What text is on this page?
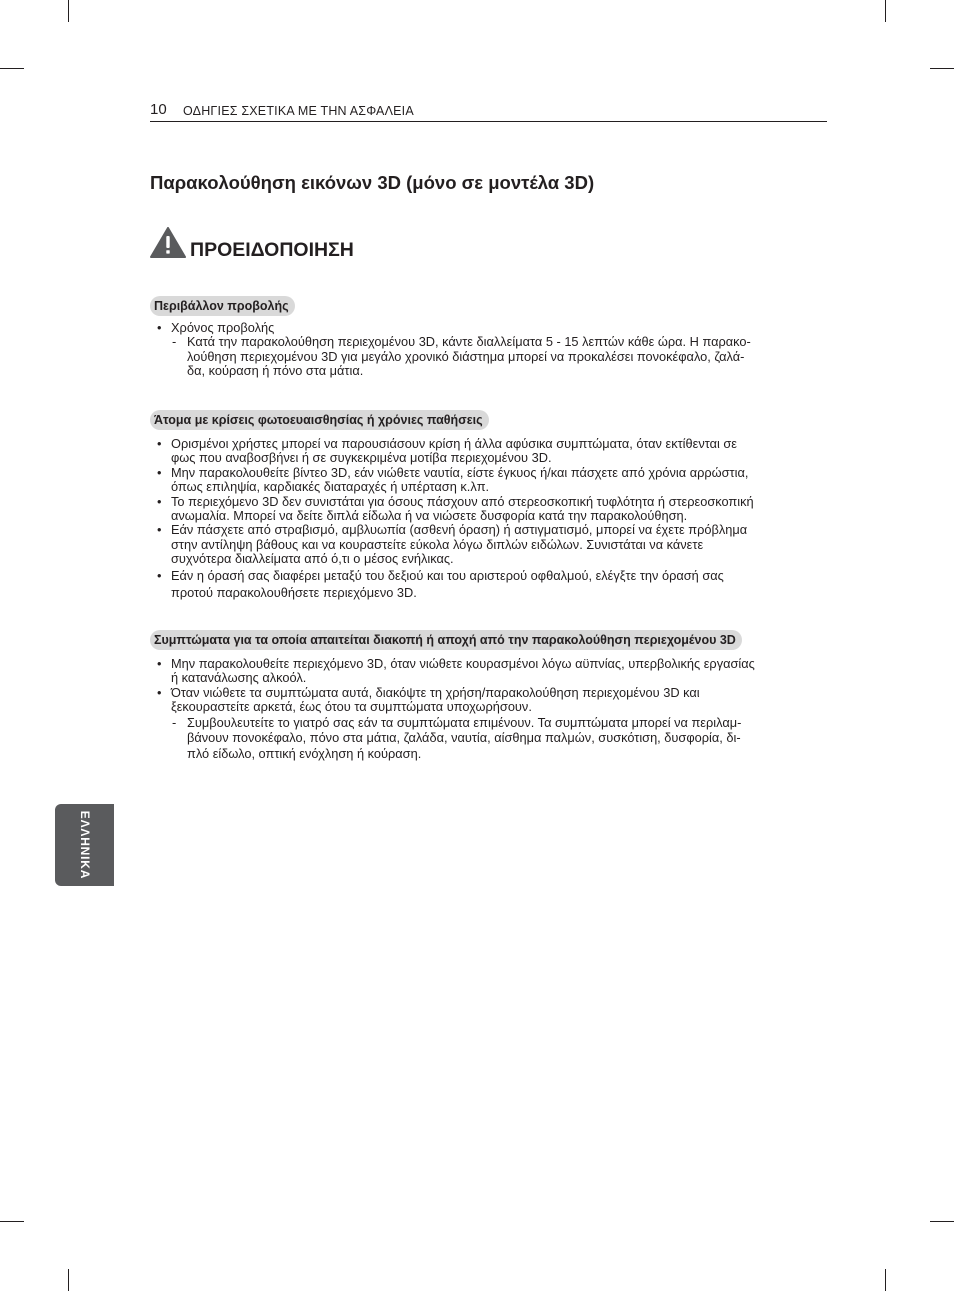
10 ΟΔΗΓΙΕΣ ΣΧΕΤΙΚΑ ΜΕ ΤΗΝ ΑΣΦΑΛΕΙΑ
Παρακολούθηση εικόνων 3D (μόνο σε μοντέλα 3D)
ΠΡΟΕΙΔΟΠΟΙΗΣΗ
Περιβάλλον προβολής
• Χρόνος προβολής
- Κατά την παρακολούθηση περιεχομένου 3D, κάντε διαλλείματα 5 - 15 λεπτών κάθε ώρα. Η παρακο-
λούθηση περιεχομένου 3D για μεγάλο χρονικό διάστημα μπορεί να προκαλέσει πονοκέφαλο, ζαλά-
δα, κούραση ή πόνο στα μάτια.
Άτομα με κρίσεις φωτοευαισθησίας ή χρόνιες παθήσεις
• Ορισμένοι χρήστες μπορεί να παρουσιάσουν κρίση ή άλλα αφύσικα συμπτώματα, όταν εκτίθενται σε
φως που αναβοσβήνει ή σε συγκεκριμένα μοτίβα περιεχομένου 3D.
• Μην παρακολουθείτε βίντεο 3D, εάν νιώθετε ναυτία, είστε έγκυος ή/και πάσχετε από χρόνια αρρώστια,
όπως επιληψία, καρδιακές διαταραχές ή υπέρταση κ.λπ.
• Το περιεχόμενο 3D δεν συνιστάται για όσους πάσχουν από στερεοσκοπική τυφλότητα ή στερεοσκοπική
ανωμαλία. Μπορεί να δείτε διπλά είδωλα ή να νιώσετε δυσφορία κατά την παρακολούθηση.
• Εάν πάσχετε από στραβισμό, αμβλυωπία (ασθενή όραση) ή αστιγματισμό, μπορεί να έχετε πρόβλημα
στην αντίληψη βάθους και να κουραστείτε εύκολα λόγω διπλών ειδώλων. Συνιστάται να κάνετε
συχνότερα διαλλείματα από ό,τι ο μέσος ενήλικας.
• Εάν η όρασή σας διαφέρει μεταξύ του δεξιού και του αριστερού οφθαλμού, ελέγξτε την όρασή σας
προτού παρακολουθήσετε περιεχόμενο 3D.
Συμπτώματα για τα οποία απαιτείται διακοπή ή αποχή από την παρακολούθηση περιεχομένου 3D
• Μην παρακολουθείτε περιεχόμενο 3D, όταν νιώθετε κουρασμένοι λόγω αϋπνίας, υπερβολικής εργασίας
ή κατανάλωσης αλκοόλ.
• Όταν νιώθετε τα συμπτώματα αυτά, διακόψτε τη χρήση/παρακολούθηση περιεχομένου 3D και
ξεκουραστείτε αρκετά, έως ότου τα συμπτώματα υποχωρήσουν.
- Συμβουλευτείτε το γιατρό σας εάν τα συμπτώματα επιμένουν. Τα συμπτώματα μπορεί να περιλαμ-
βάνουν πονοκέφαλο, πόνο στα μάτια, ζαλάδα, ναυτία, αίσθημα παλμών, συσκότιση, δυσφορία, δι-
πλό είδωλο, οπτική ενόχληση ή κούραση.
ΕΛΛΗΝΙΚΑ
